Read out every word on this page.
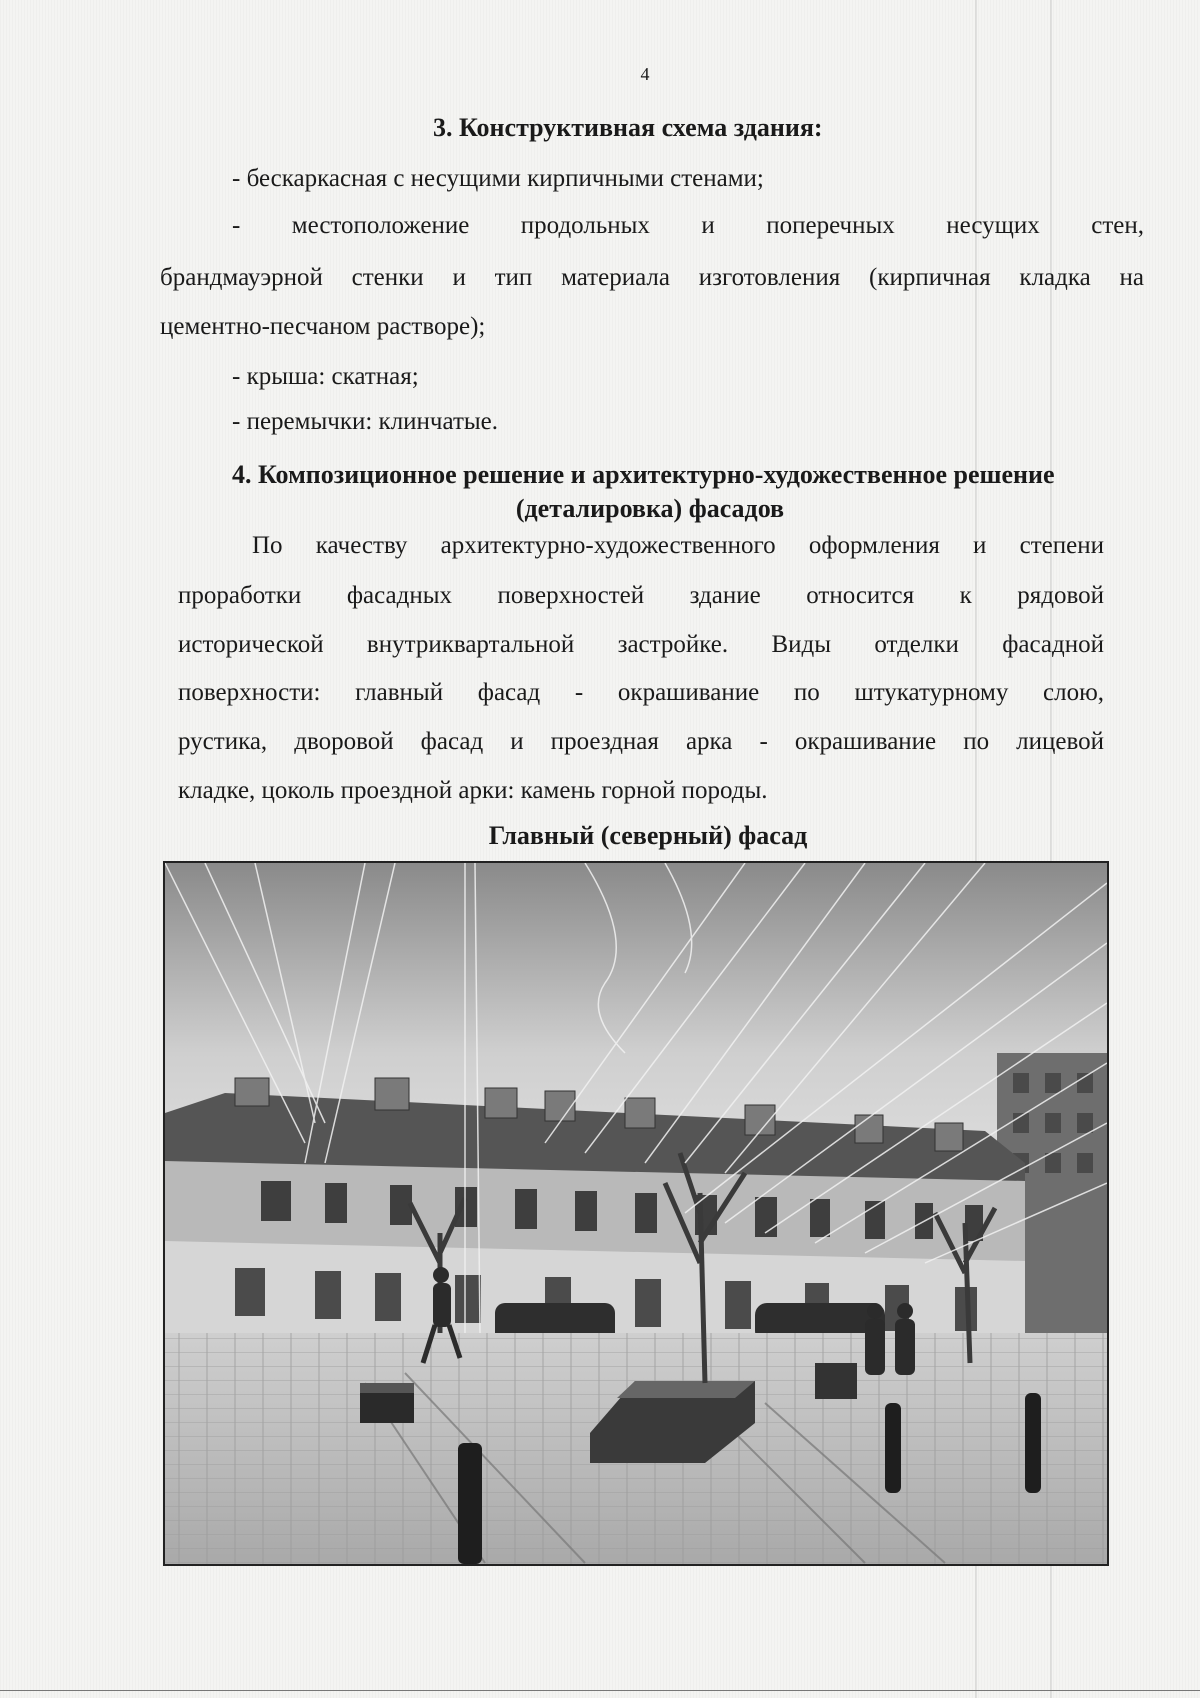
4
3. Конструктивная схема здания:
- бескаркасная с несущими кирпичными стенами;
- местоположение продольных и поперечных несущих стен,
брандмауэрной стенки и тип материала изготовления (кирпичная кладка на
цементно-песчаном растворе);
- крыша: скатная;
- перемычки: клинчатые.
4. Композиционное решение и архитектурно-художественное решение
(деталировка) фасадов
По качеству архитектурно-художественного оформления и степени
проработки фасадных поверхностей здание относится к рядовой
исторической внутриквартальной застройке. Виды отделки фасадной
поверхности: главный фасад - окрашивание по штукатурному слою,
рустика, дворовой фасад и проездная арка - окрашивание по лицевой
кладке, цоколь проездной арки: камень горной породы.
Главный (северный) фасад
